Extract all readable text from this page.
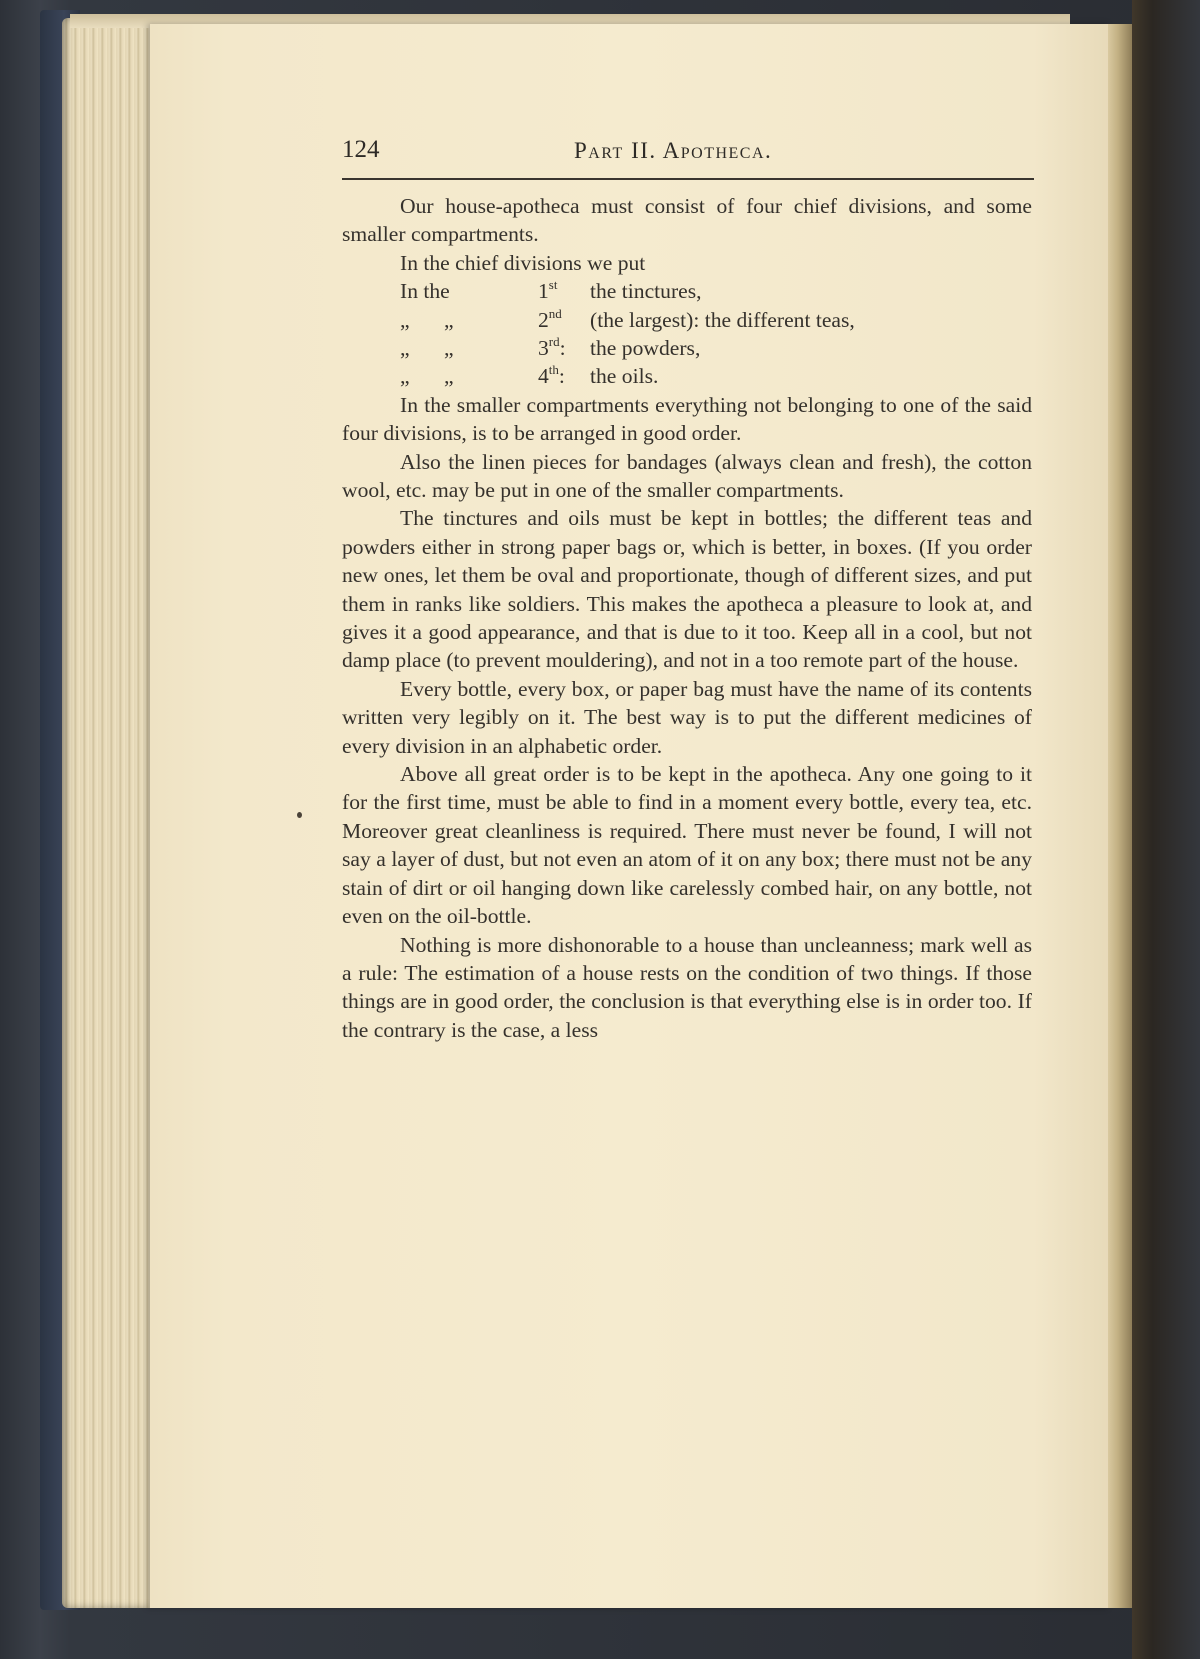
124	Part II. Apotheca.

Our house-apotheca must consist of four chief divisions, and some smaller compartments.

In the chief divisions we put

In the	1st	the tinctures,
„	„	2nd	(the largest): the different teas,
„	„	3rd:	the powders,
„	„	4th:	the oils.

In the smaller compartments everything not belonging to one of the said four divisions, is to be arranged in good order.

Also the linen pieces for bandages (always clean and fresh), the cotton wool, etc. may be put in one of the smaller compartments.

The tinctures and oils must be kept in bottles; the different teas and powders either in strong paper bags or, which is better, in boxes. (If you order new ones, let them be oval and proportionate, though of different sizes, and put them in ranks like soldiers. This makes the apotheca a pleasure to look at, and gives it a good appearance, and that is due to it too. Keep all in a cool, but not damp place (to prevent mouldering), and not in a too remote part of the house.

Every bottle, every box, or paper bag must have the name of its contents written very legibly on it. The best way is to put the different medicines of every division in an alphabetic order.

Above all great order is to be kept in the apotheca. Any one going to it for the first time, must be able to find in a moment every bottle, every tea, etc. Moreover great cleanliness is required. There must never be found, I will not say a layer of dust, but not even an atom of it on any box; there must not be any stain of dirt or oil hanging down like carelessly combed hair, on any bottle, not even on the oil-bottle.

Nothing is more dishonorable to a house than uncleanness; mark well as a rule: The estimation of a house rests on the condition of two things. If those things are in good order, the conclusion is that everything else is in order too. If the contrary is the case, a less
